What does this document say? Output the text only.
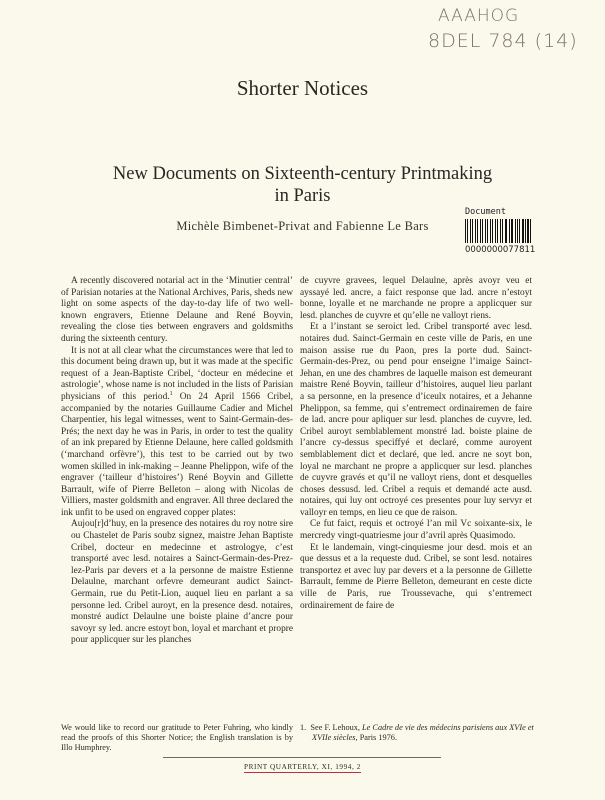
AAAHOG
8DEL 784 (14)
Shorter Notices
New Documents on Sixteenth-century Printmaking
in Paris
Michèle Bimbenet-Privat and Fabienne Le Bars
Document
0000000077811

A recently discovered notarial act in the ‘Minutier central’ of Parisian notaries at the National Archives, Paris, sheds new light on some aspects of the day-to-day life of two well-known engravers, Etienne Delaune and René Boyvin, revealing the close ties between engravers and goldsmiths during the sixteenth century.

It is not at all clear what the circumstances were that led to this document being drawn up, but it was made at the specific request of a Jean-Baptiste Cribel, ‘docteur en médecine et astrologie’, whose name is not included in the lists of Parisian physicians of this period.$^1$ On 24 April 1566 Cribel, accompanied by the notaries Guillaume Cadier and Michel Charpentier, his legal witnesses, went to Saint-Germain-des-Prés; the next day he was in Paris, in order to test the quality of an ink prepared by Etienne Delaune, here called goldsmith (‘marchand orfèvre’), this test to be carried out by two women skilled in ink-making – Jeanne Phelippon, wife of the engraver (‘tailleur d’histoires’) René Boyvin and Gillette Barrault, wife of Pierre Belleton – along with Nicolas de Villiers, master goldsmith and engraver. All three declared the ink unfit to be used on engraved copper plates:

Aujou[r]d’huy, en la presence des notaires du roy notre sire ou Chastelet de Paris soubz signez, maistre Jehan Baptiste Cribel, docteur en medecinne et astrologye, c’est transporté avec lesd. notaires a Sainct-Germain-des-Prez-lez-Paris par devers et a la personne de maistre Estienne Delaulne, marchant orfevre demeurant audict Sainct-Germain, rue du Petit-Lion, auquel lieu en parlant a sa personne led. Cribel auroyt, en la presence desd. notaires, monstré audict Delaulne une boiste plaine d’ancre pour savoyr sy led. ancre estoyt bon, loyal et marchant et propre pour applicquer sur les planches

de cuyvre gravees, lequel Delaulne, après avoyr veu et ayssayé led. ancre, a faict response que lad. ancre n’estoyt bonne, loyalle et ne marchande ne propre a applicquer sur lesd. planches de cuyvre et qu’elle ne valloyt riens.

Et a l’instant se seroict led. Cribel transporté avec lesd. notaires dud. Sainct-Germain en ceste ville de Paris, en une maison assise rue du Paon, pres la porte dud. Sainct-Germain-des-Prez, ou pend pour enseigne l’imaige Sainct-Jehan, en une des chambres de laquelle maison est demeurant maistre René Boyvin, tailleur d’histoires, auquel lieu parlant a sa personne, en la presence d’iceulx notaires, et a Jehanne Phelippon, sa femme, qui s’entremect ordinairemen de faire de lad. ancre pour apliquer sur lesd. planches de cuyvre, led. Cribel auroyt semblablement monstré lad. boiste plaine de l’ancre cy-dessus speciffyé et declaré, comme auroyent semblablement dict et declaré, que led. ancre ne soyt bon, loyal ne marchant ne propre a applicquer sur lesd. planches de cuyvre gravés et qu’il ne valloyt riens, dont et desquelles choses dessusd. led. Cribel a requis et demandé acte ausd. notaires, qui luy ont octroyé ces presentes pour luy servyr et valloyr en temps, en lieu ce que de raison.

Ce fut faict, requis et octroyé l’an mil Vc soixante-six, le mercredy vingt-quatriesme jour d’avril après Quasimodo.

Et le landemain, vingt-cinquiesme jour desd. mois et an que dessus et a la requeste dud. Cribel, se sont lesd. notaires transportez et avec luy par devers et a la personne de Gillette Barrault, femme de Pierre Belleton, demeurant en ceste dicte ville de Paris, rue Troussevache, qui s’entremect ordinairement de faire de

We would like to record our gratitude to Peter Fuhring, who kindly read the proofs of this Shorter Notice; the English translation is by Illo Humphrey.
1. See F. Lehoux, Le Cadre de vie des médecins parisiens aux XVIe et XVIIe siècles, Paris 1976.
PRINT QUARTERLY, XI, 1994, 2
